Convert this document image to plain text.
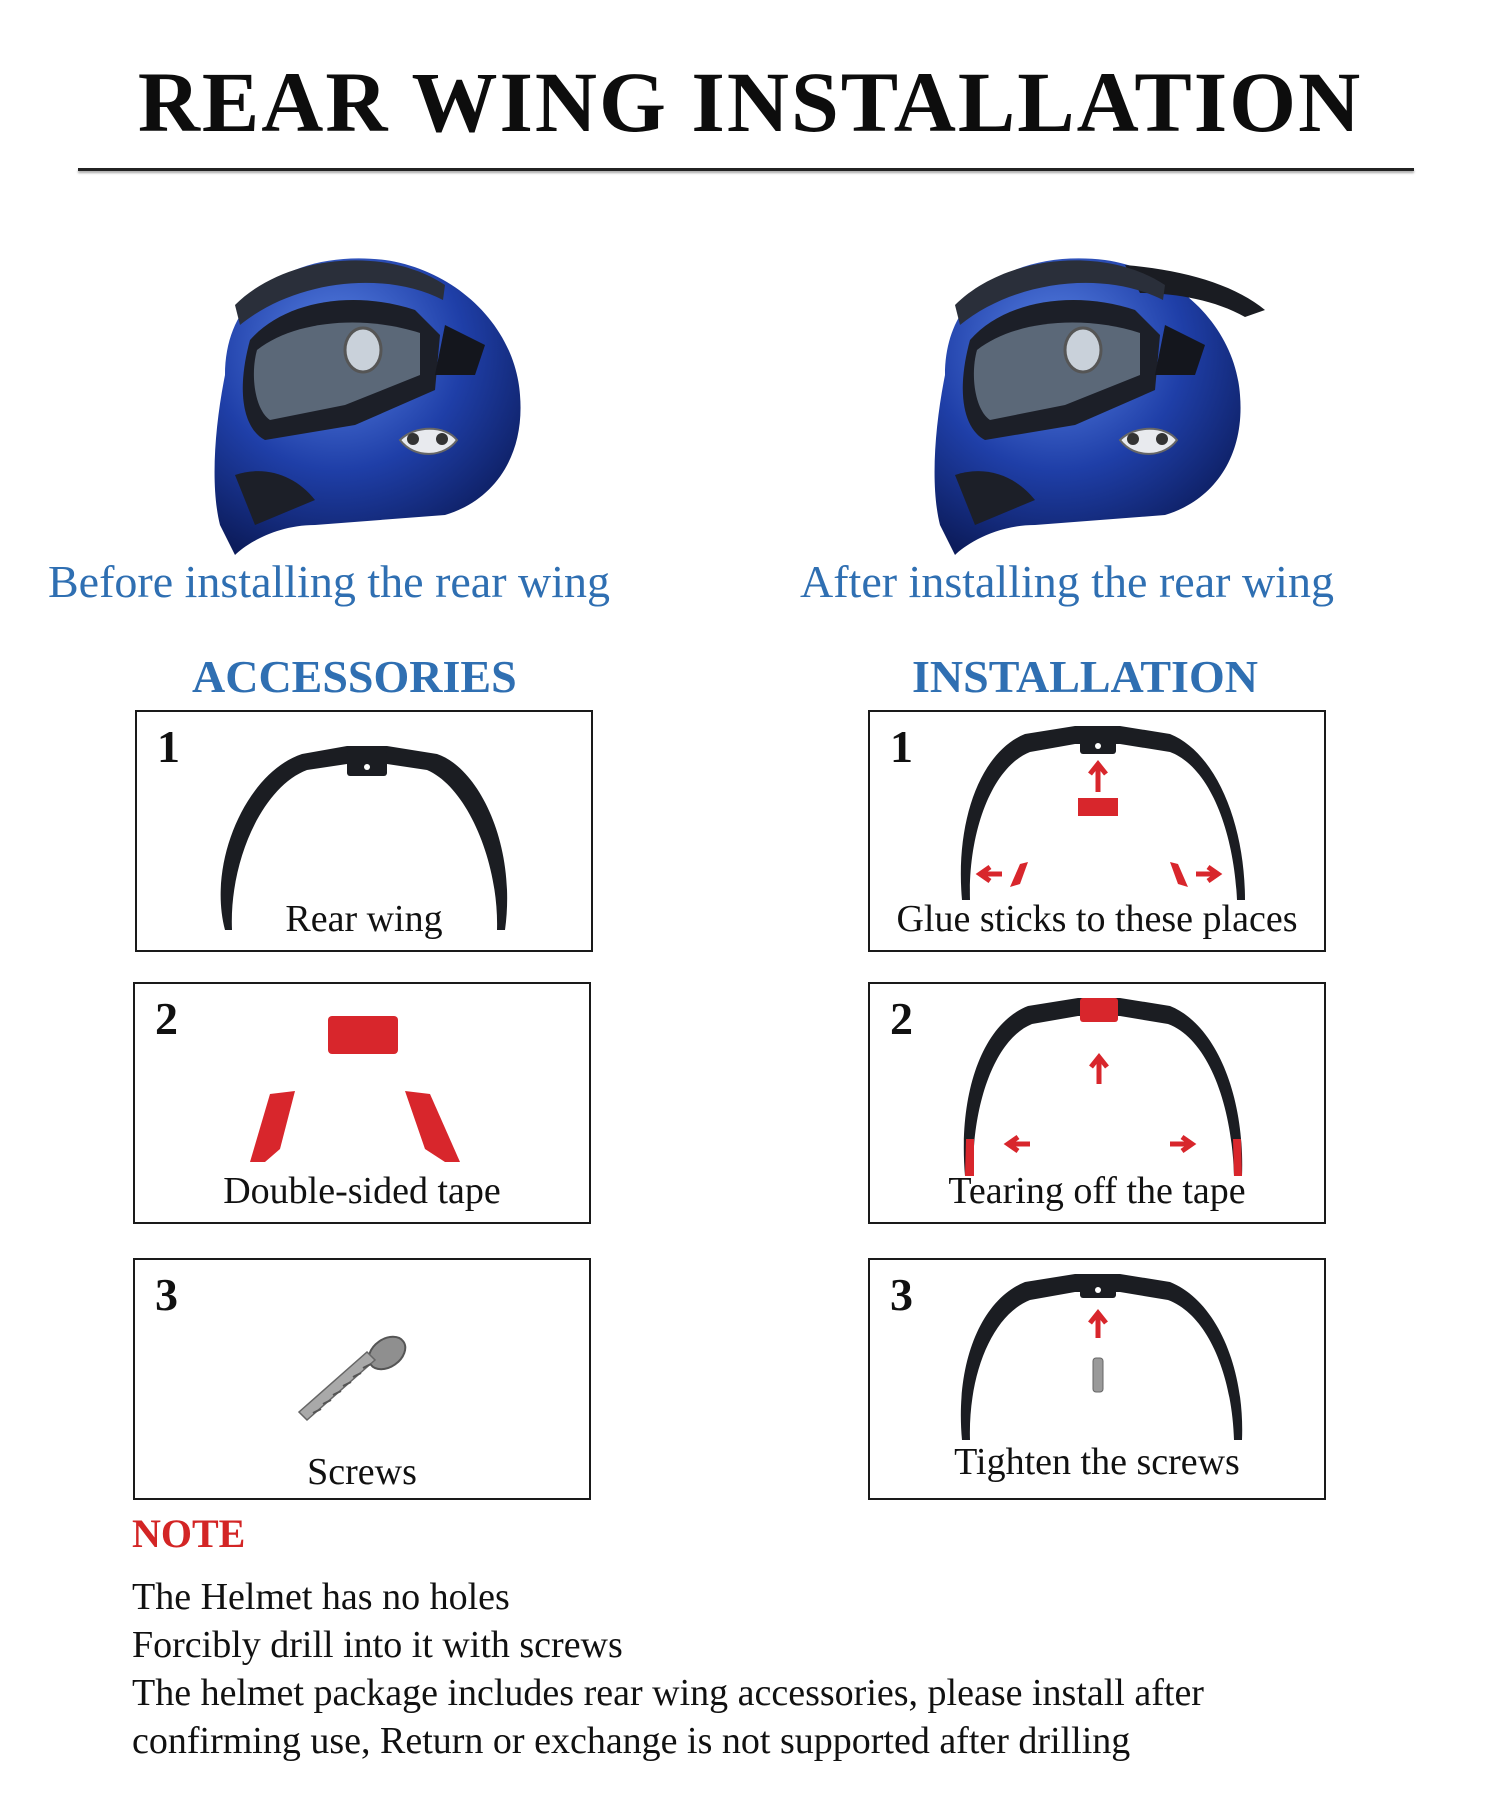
REAR WING INSTALLATION
Before installing the rear wing	After installing the rear wing
ACCESSORIES	INSTALLATION
1
Rear wing
2
Double-sided tape
3
Screws
1
Glue sticks to these places
2
Tearing off the tape
3
Tighten the screws
NOTE
The Helmet has no holes
Forcibly drill into it with screws
The helmet package includes rear wing accessories, please install after
confirming use, Return or exchange is not supported after drilling
